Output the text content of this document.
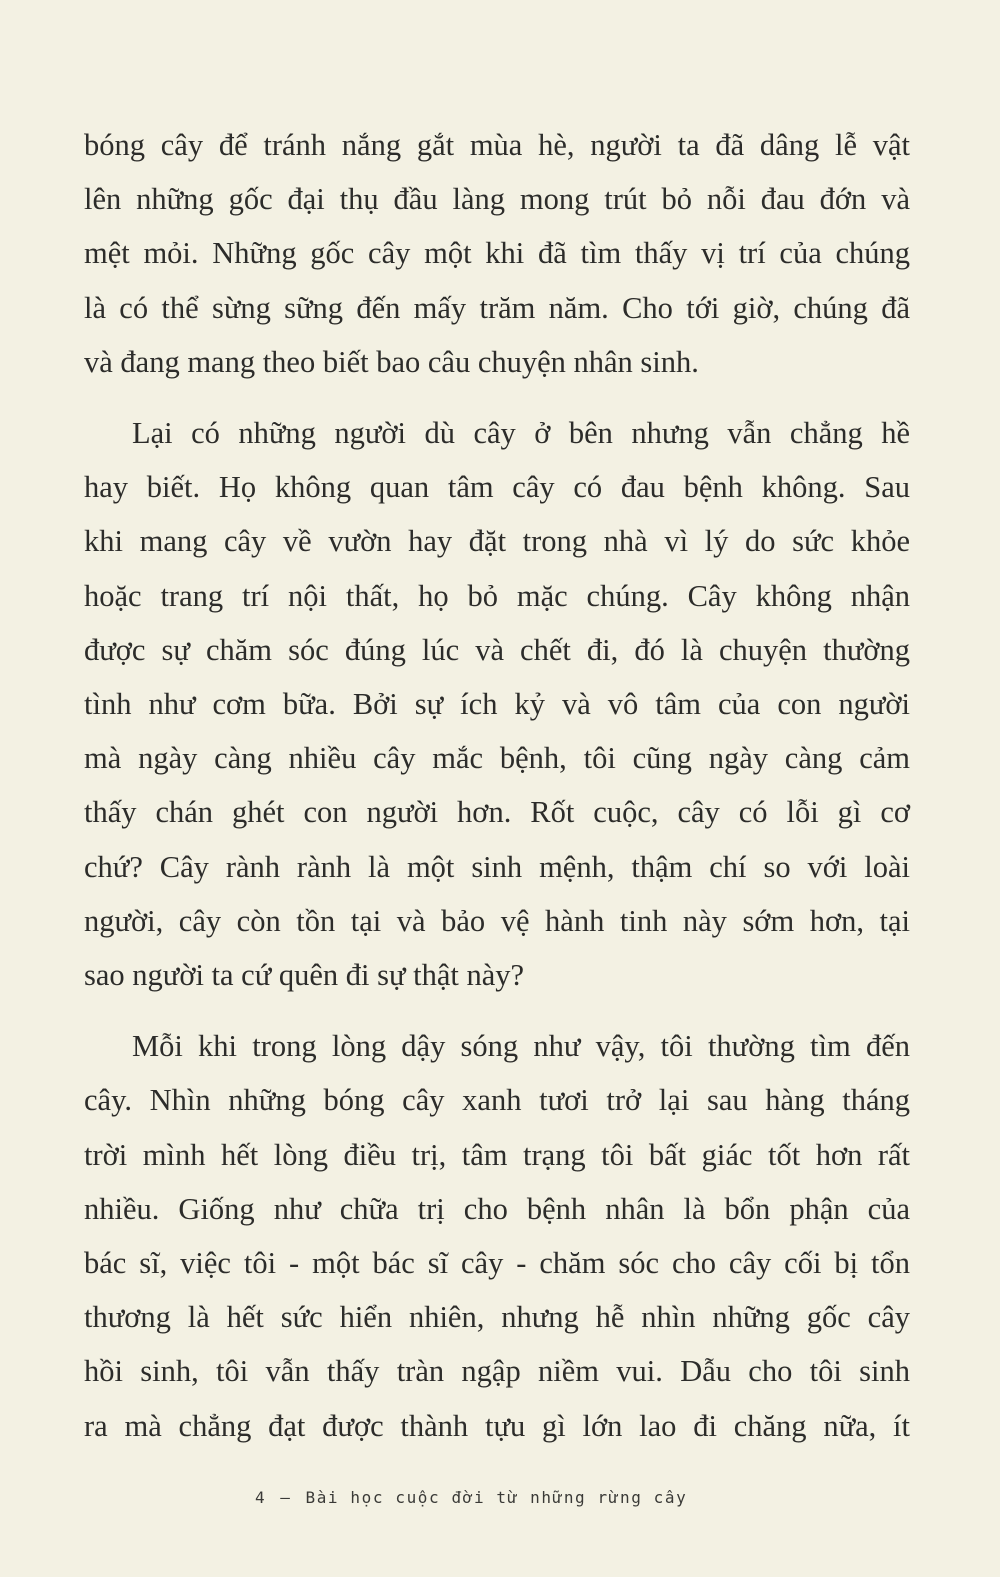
bóng cây để tránh nắng gắt mùa hè, người ta đã dâng lễ vật
lên những gốc đại thụ đầu làng mong trút bỏ nỗi đau đớn và
mệt mỏi. Những gốc cây một khi đã tìm thấy vị trí của chúng
là có thể sừng sững đến mấy trăm năm. Cho tới giờ, chúng đã
và đang mang theo biết bao câu chuyện nhân sinh.
Lại có những người dù cây ở bên nhưng vẫn chẳng hề
hay biết. Họ không quan tâm cây có đau bệnh không. Sau
khi mang cây về vườn hay đặt trong nhà vì lý do sức khỏe
hoặc trang trí nội thất, họ bỏ mặc chúng. Cây không nhận
được sự chăm sóc đúng lúc và chết đi, đó là chuyện thường
tình như cơm bữa. Bởi sự ích kỷ và vô tâm của con người
mà ngày càng nhiều cây mắc bệnh, tôi cũng ngày càng cảm
thấy chán ghét con người hơn. Rốt cuộc, cây có lỗi gì cơ
chứ? Cây rành rành là một sinh mệnh, thậm chí so với loài
người, cây còn tồn tại và bảo vệ hành tinh này sớm hơn, tại
sao người ta cứ quên đi sự thật này?
Mỗi khi trong lòng dậy sóng như vậy, tôi thường tìm đến
cây. Nhìn những bóng cây xanh tươi trở lại sau hàng tháng
trời mình hết lòng điều trị, tâm trạng tôi bất giác tốt hơn rất
nhiều. Giống như chữa trị cho bệnh nhân là bổn phận của
bác sĩ, việc tôi - một bác sĩ cây - chăm sóc cho cây cối bị tổn
thương là hết sức hiển nhiên, nhưng hễ nhìn những gốc cây
hồi sinh, tôi vẫn thấy tràn ngập niềm vui. Dẫu cho tôi sinh
ra mà chẳng đạt được thành tựu gì lớn lao đi chăng nữa, ít
4 – Bài học cuộc đời từ những rừng cây
